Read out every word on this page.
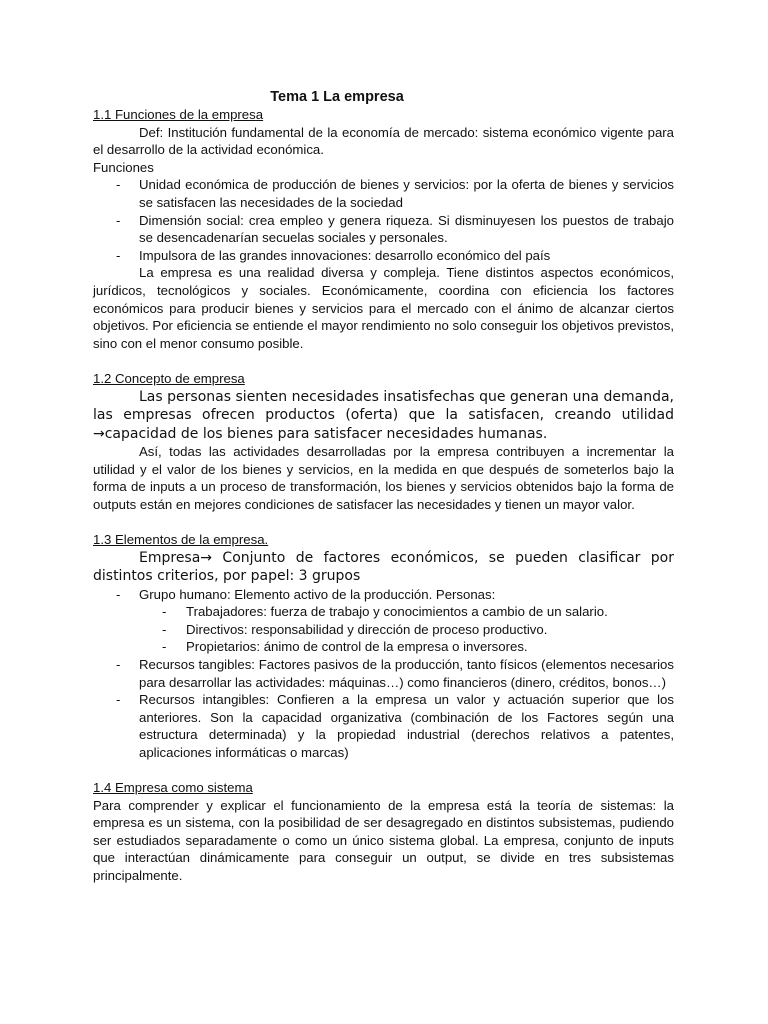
Tema 1 La empresa
1.1 Funciones de la empresa

Def: Institución fundamental de la economía de mercado: sistema económico vigente para el desarrollo de la actividad económica.

Funciones

- Unidad económica de producción de bienes y servicios: por la oferta de bienes y servicios se satisfacen las necesidades de la sociedad
- Dimensión social: crea empleo y genera riqueza. Si disminuyesen los puestos de trabajo se desencadenarían secuelas sociales y personales.
- Impulsora de las grandes innovaciones: desarrollo económico del país

La empresa es una realidad diversa y compleja. Tiene distintos aspectos económicos, jurídicos, tecnológicos y sociales. Económicamente, coordina con eficiencia los factores económicos para producir bienes y servicios para el mercado con el ánimo de alcanzar ciertos objetivos. Por eficiencia se entiende el mayor rendimiento no solo conseguir los objetivos previstos, sino con el menor consumo posible.

1.2 Concepto de empresa

Las personas sienten necesidades insatisfechas que generan una demanda, las empresas ofrecen productos (oferta) que la satisfacen, creando utilidad →capacidad de los bienes para satisfacer necesidades humanas.

Así, todas las actividades desarrolladas por la empresa contribuyen a incrementar la utilidad y el valor de los bienes y servicios, en la medida en que después de someterlos bajo la forma de inputs a un proceso de transformación, los bienes y servicios obtenidos bajo la forma de outputs están en mejores condiciones de satisfacer las necesidades y tienen un mayor valor.

1.3 Elementos de la empresa.

Empresa→ Conjunto de factores económicos, se pueden clasificar por distintos criterios, por papel: 3 grupos

- Grupo humano: Elemento activo de la producción. Personas:
- Trabajadores: fuerza de trabajo y conocimientos a cambio de un salario.
- Directivos: responsabilidad y dirección de proceso productivo.
- Propietarios: ánimo de control de la empresa o inversores.
- Recursos tangibles: Factores pasivos de la producción, tanto físicos (elementos necesarios para desarrollar las actividades: máquinas…) como financieros (dinero, créditos, bonos…)
- Recursos intangibles: Confieren a la empresa un valor y actuación superior que los anteriores. Son la capacidad organizativa (combinación de los Factores según una estructura determinada) y la propiedad industrial (derechos relativos a patentes, aplicaciones informáticas o marcas)
1.4 Empresa como sistema

Para comprender y explicar el funcionamiento de la empresa está la teoría de sistemas: la empresa es un sistema, con la posibilidad de ser desagregado en distintos subsistemas, pudiendo ser estudiados separadamente o como un único sistema global. La empresa, conjunto de inputs que interactúan dinámicamente para conseguir un output, se divide en tres subsistemas principalmente.
